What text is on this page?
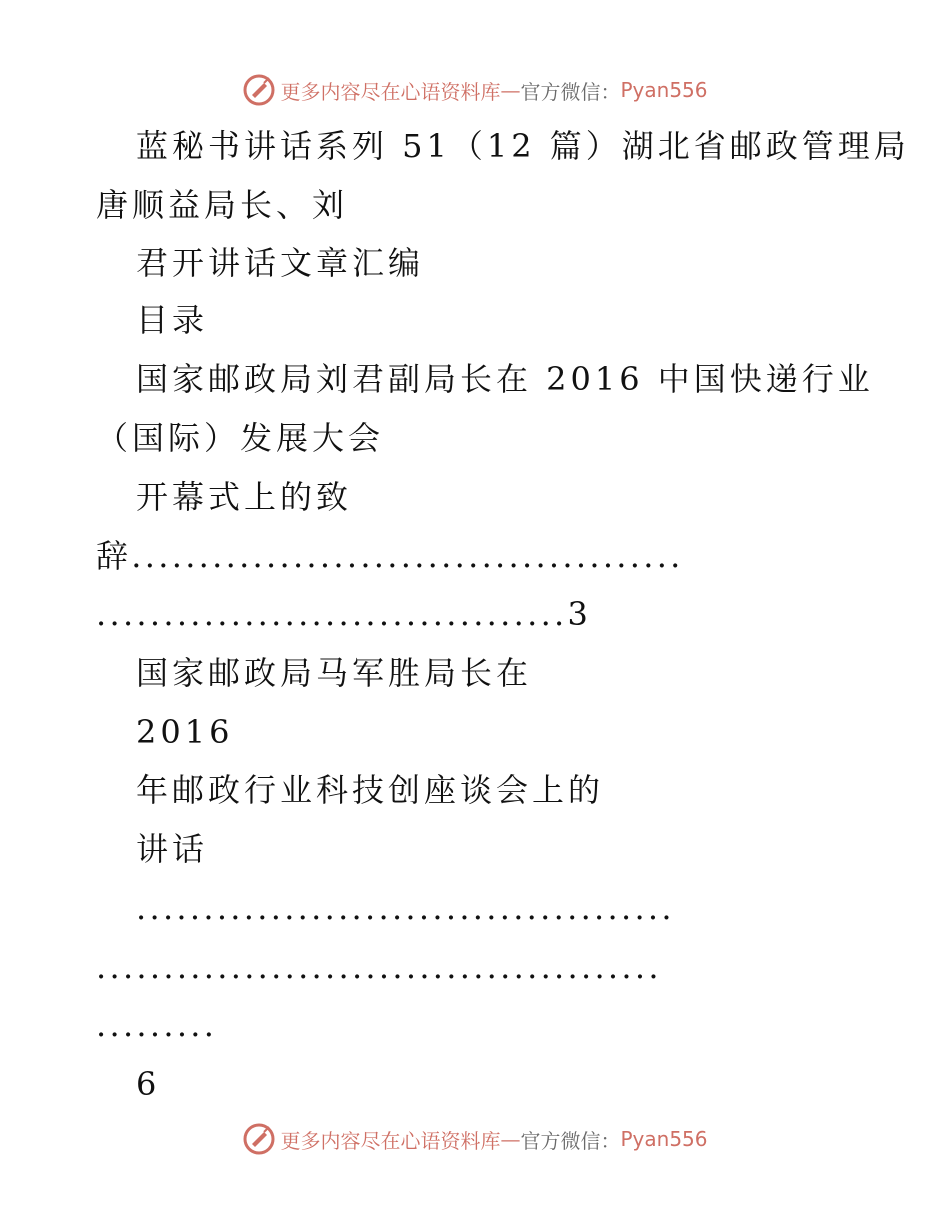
更多内容尽在心语资料库 — 官方微信： Pyan556
蓝秘书讲话系列 51（12 篇）湖北省邮政管理局
唐顺益局长、刘
君开讲话文章汇编
目录
国家邮政局刘君副局长在 2016 中国快递行业
（国际）发展大会
开幕式上的致
辞.........................................
...................................3
国家邮政局马军胜局长在
2016
年邮政行业科技创座谈会上的
讲话
........................................
..........................................
.........
6
更多内容尽在心语资料库 — 官方微信： Pyan556
